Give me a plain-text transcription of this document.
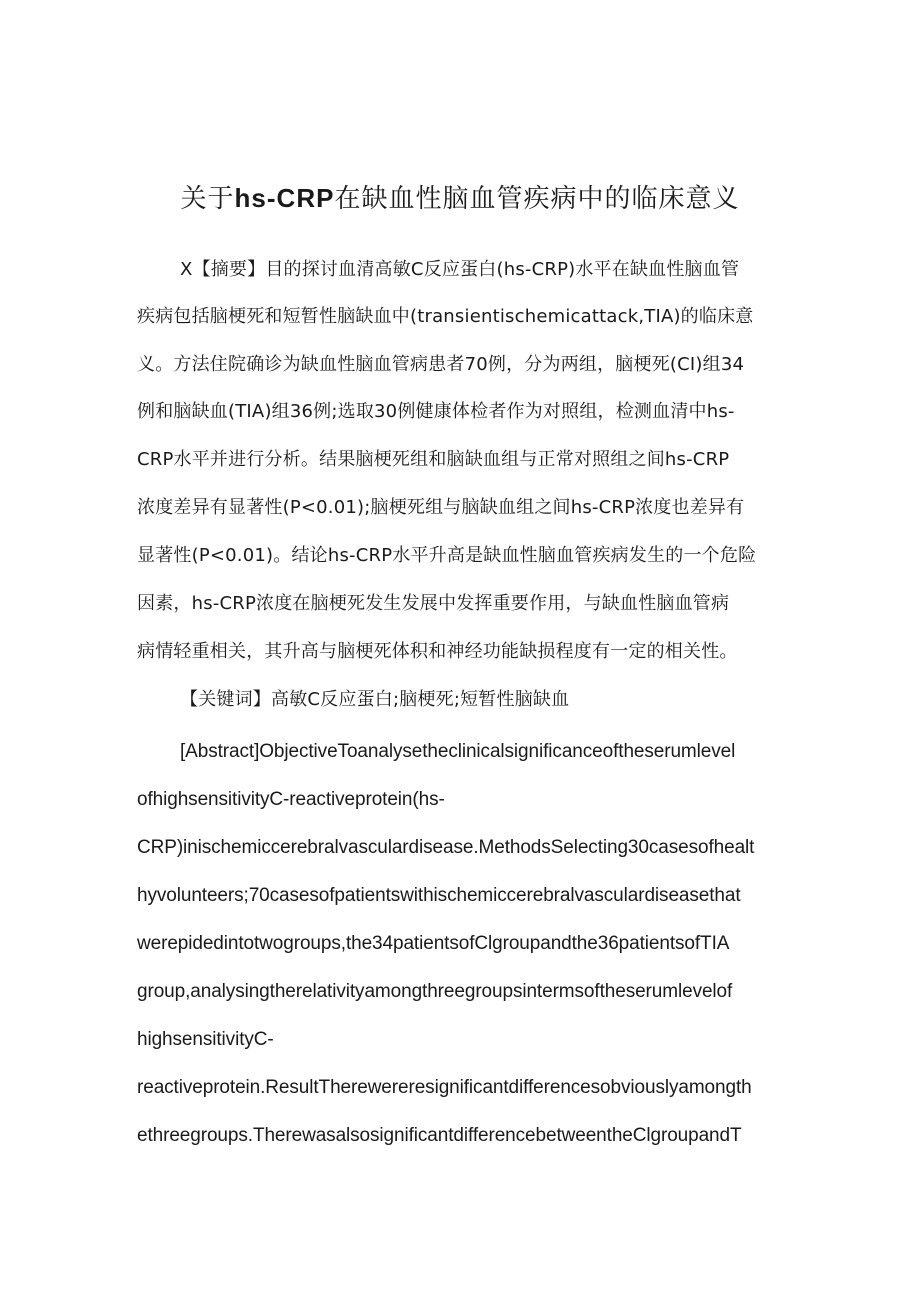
关于hs-CRP在缺血性脑血管疾病中的临床意义
X【摘要】目的探讨血清高敏C反应蛋白(hs-CRP)水平在缺血性脑血管
疾病包括脑梗死和短暂性脑缺血中(transientischemicattack,TIA)的临床意
义。方法住院确诊为缺血性脑血管病患者70例，分为两组，脑梗死(CI)组34
例和脑缺血(TIA)组36例;选取30例健康体检者作为对照组，检测血清中hs-
CRP水平并进行分析。结果脑梗死组和脑缺血组与正常对照组之间hs-CRP
浓度差异有显著性(P<0.01);脑梗死组与脑缺血组之间hs-CRP浓度也差异有
显著性(P<0.01)。结论hs-CRP水平升高是缺血性脑血管疾病发生的一个危险
因素，hs-CRP浓度在脑梗死发生发展中发挥重要作用，与缺血性脑血管病
病情轻重相关，其升高与脑梗死体积和神经功能缺损程度有一定的相关性。
【关键词】高敏C反应蛋白;脑梗死;短暂性脑缺血
[Abstract]ObjectiveToanalysetheclinicalsignificanceoftheserumlevel
ofhighsensitivityC-reactiveprotein(hs-
CRP)inischemiccerebralvasculardisease.MethodsSelecting30casesofhealt
hyvolunteers;70casesofpatientswithischemiccerebralvasculardiseasethat
werepidedintotwogroups,the34patientsofClgroupandthe36patientsofTIA
group,analysingtherelativityamongthreegroupsintermsoftheserumlevelof
highsensitivityC-
reactiveprotein.ResultTherewereresignificantdifferencesobviouslyamongth
ethreegroups.TherewasalsosignificantdifferencebetweentheClgroupandT
